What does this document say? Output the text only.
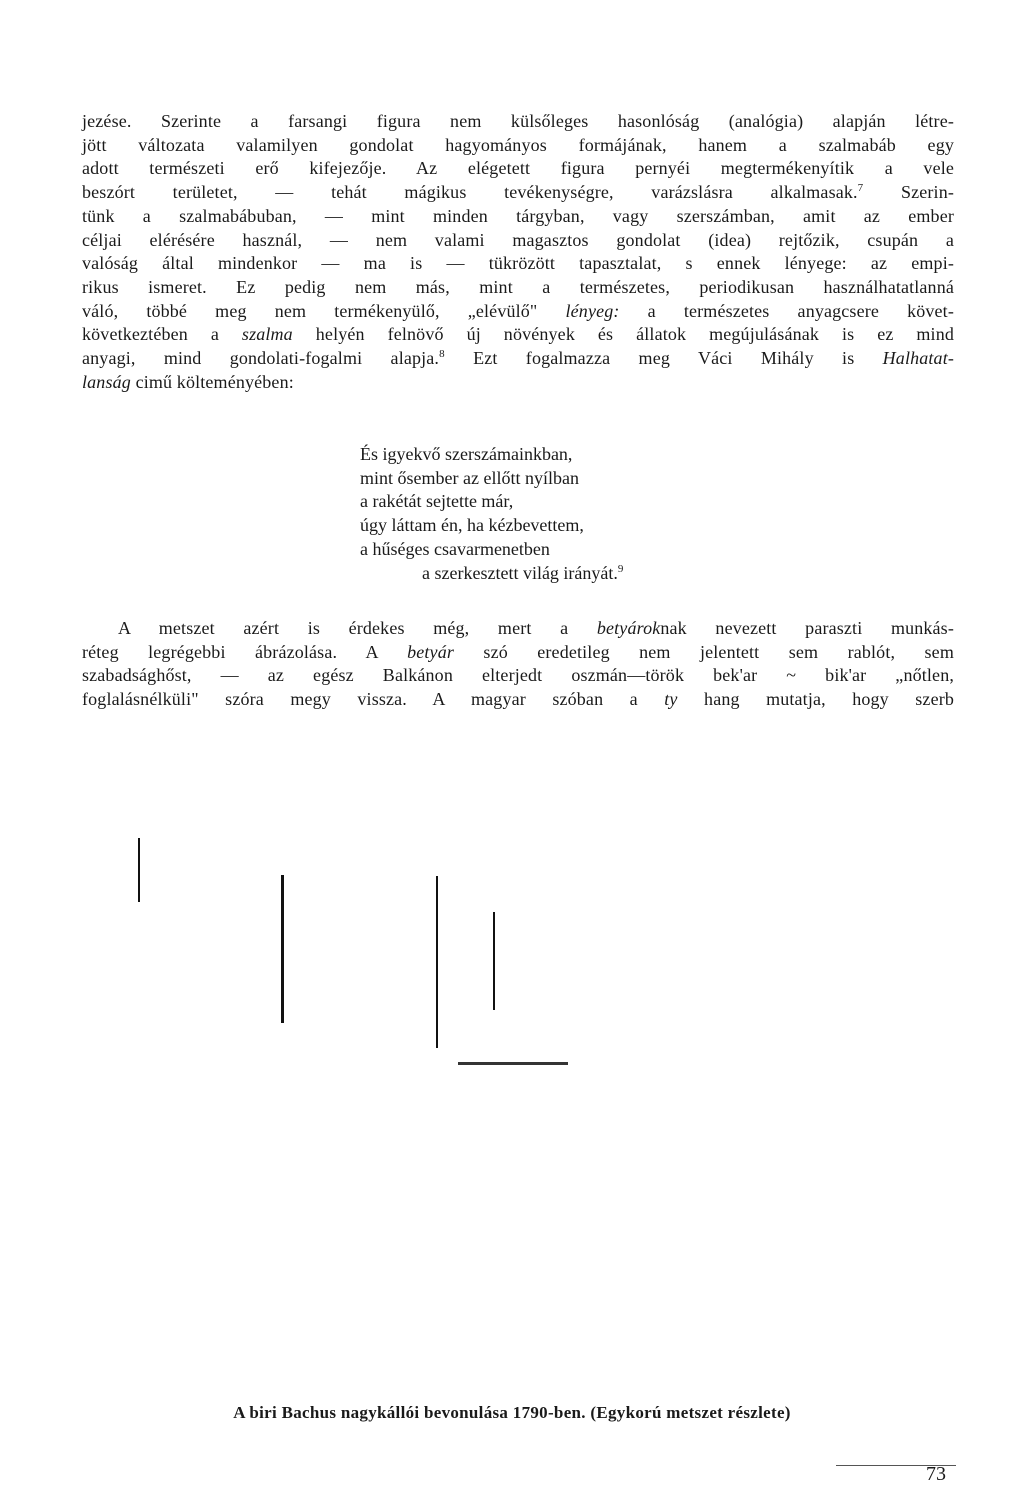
jezése. Szerinte a farsangi figura nem külsőleges hasonlóság (analógia) alapján létre-
jött változata valamilyen gondolat hagyományos formájának, hanem a szalmabáb egy
adott természeti erő kifejezője. Az elégetett figura pernyéi megtermékenyítik a vele
beszórt területet, — tehát mágikus tevékenységre, varázslásra alkalmasak.$^7$ Szerin-
tünk a szalmabábuban, — mint minden tárgyban, vagy szerszámban, amit az ember
céljai elérésére használ, — nem valami magasztos gondolat (idea) rejtőzik, csupán a
valóság által mindenkor — ma is — tükrözött tapasztalat, s ennek lényege: az empi-
rikus ismeret. Ez pedig nem más, mint a természetes, periodikusan használhatatlanná
váló, többé meg nem termékenyülő, „elévülő" lényeg: a természetes anyagcsere követ-
következtében a szalma helyén felnövő új növények és állatok megújulásának is ez mind
anyagi, mind gondolati-fogalmi alapja.$^8$ Ezt fogalmazza meg Váci Mihály is Halhatat-
lanság cimű költeményében:
És igyekvő szerszámainkban,
mint ősember az ellőtt nyílban
a rakétát sejtette már,
úgy láttam én, ha kézbevettem,
a hűséges csavarmenetben
a szerkesztett világ irányát.$^9$
A metszet azért is érdekes még, mert a betyároknak nevezett paraszti munkás-
réteg legrégebbi ábrázolása. A betyár szó eredetileg nem jelentett sem rablót, sem
szabadsághőst, — az egész Balkánon elterjedt oszmán—török bek'ar ~ bik'ar „nőtlen,
foglalásnélküli" szóra megy vissza. A magyar szóban a ty hang mutatja, hogy szerb
A biri Bachus nagykállói bevonulása 1790-ben. (Egykorú metszet részlete)
73
